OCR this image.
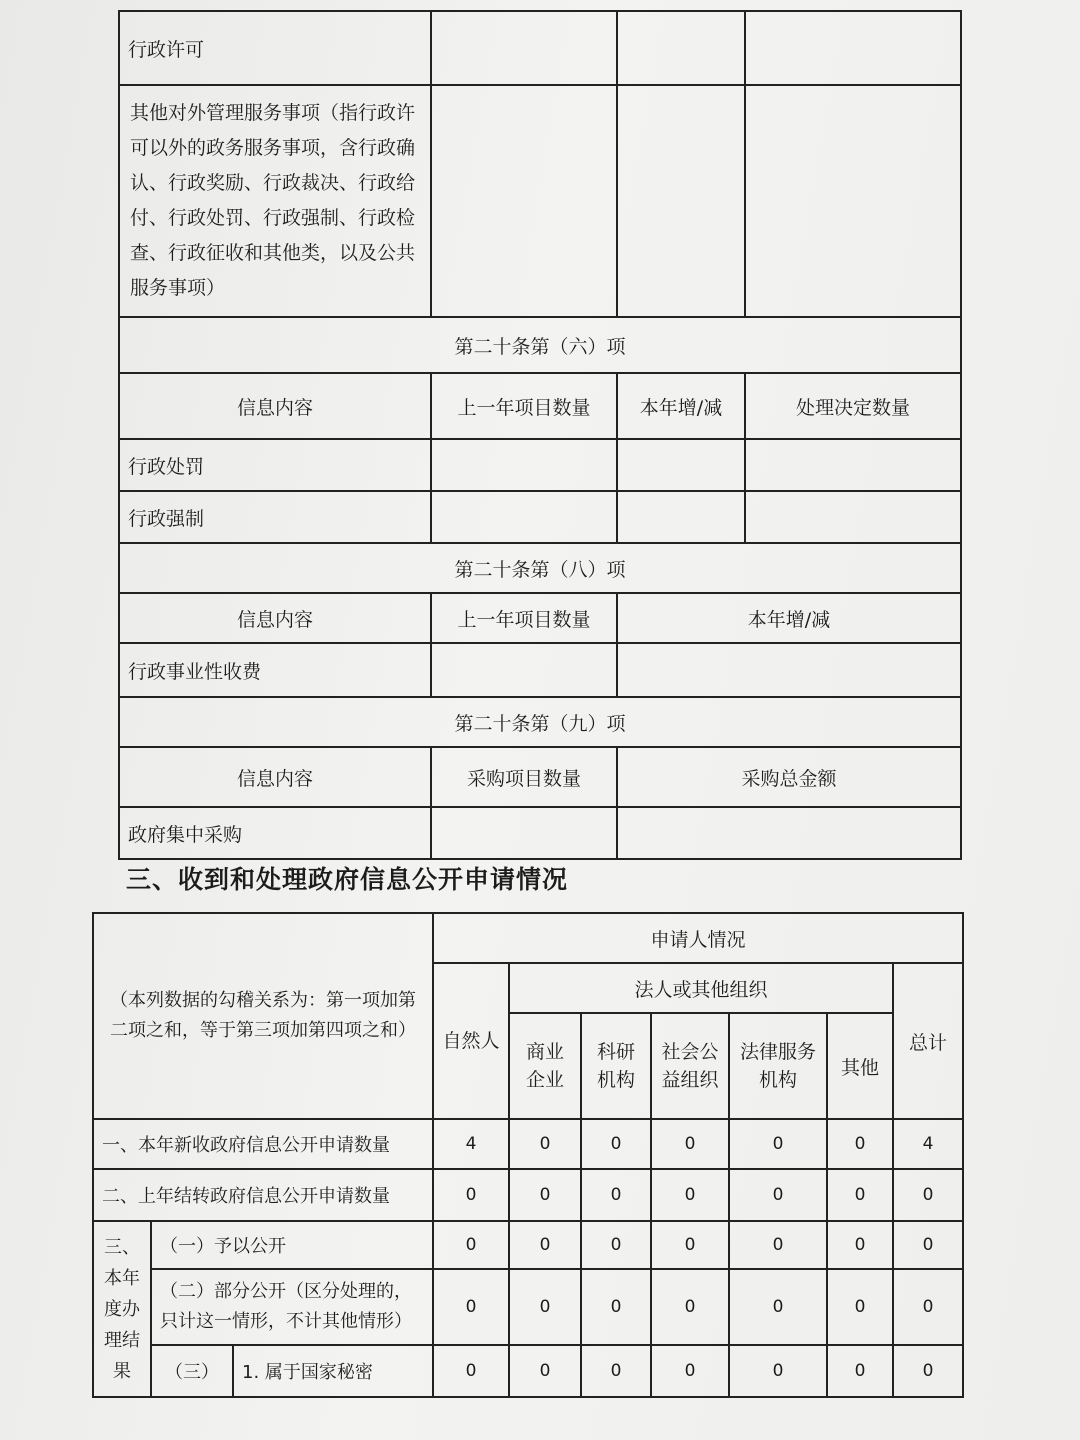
行政许可			
其他对外管理服务事项（指行政许可以外的政务服务事项，含行政确认、行政奖励、行政裁决、行政给付、行政处罚、行政强制、行政检查、行政征收和其他类，以及公共服务事项）			
第二十条第（六）项			
信息内容	上一年项目数量	本年增/减	处理决定数量
行政处罚			
行政强制			
第二十条第（八）项			
信息内容	上一年项目数量	本年增/减	
行政事业性收费			
第二十条第（九）项			
信息内容	采购项目数量	采购总金额	
政府集中采购			
三、收到和处理政府信息公开申请情况
（本列数据的勾稽关系为：第一项加第二项之和，等于第三项加第四项之和）			申请人情况						
			自然人	法人或其他组织					总计
				商业企业	科研机构	社会公益组织	法律服务机构	其他	
一、本年新收政府信息公开申请数量			4	0	0	0	0	0	4
二、上年结转政府信息公开申请数量			0	0	0	0	0	0	0
三、本年度办理结果	（一）予以公开		0	0	0	0	0	0	0
	（二）部分公开（区分处理的，只计这一情形，不计其他情形）		0	0	0	0	0	0	0
	（三）	1. 属于国家秘密	0	0	0	0	0	0	0
